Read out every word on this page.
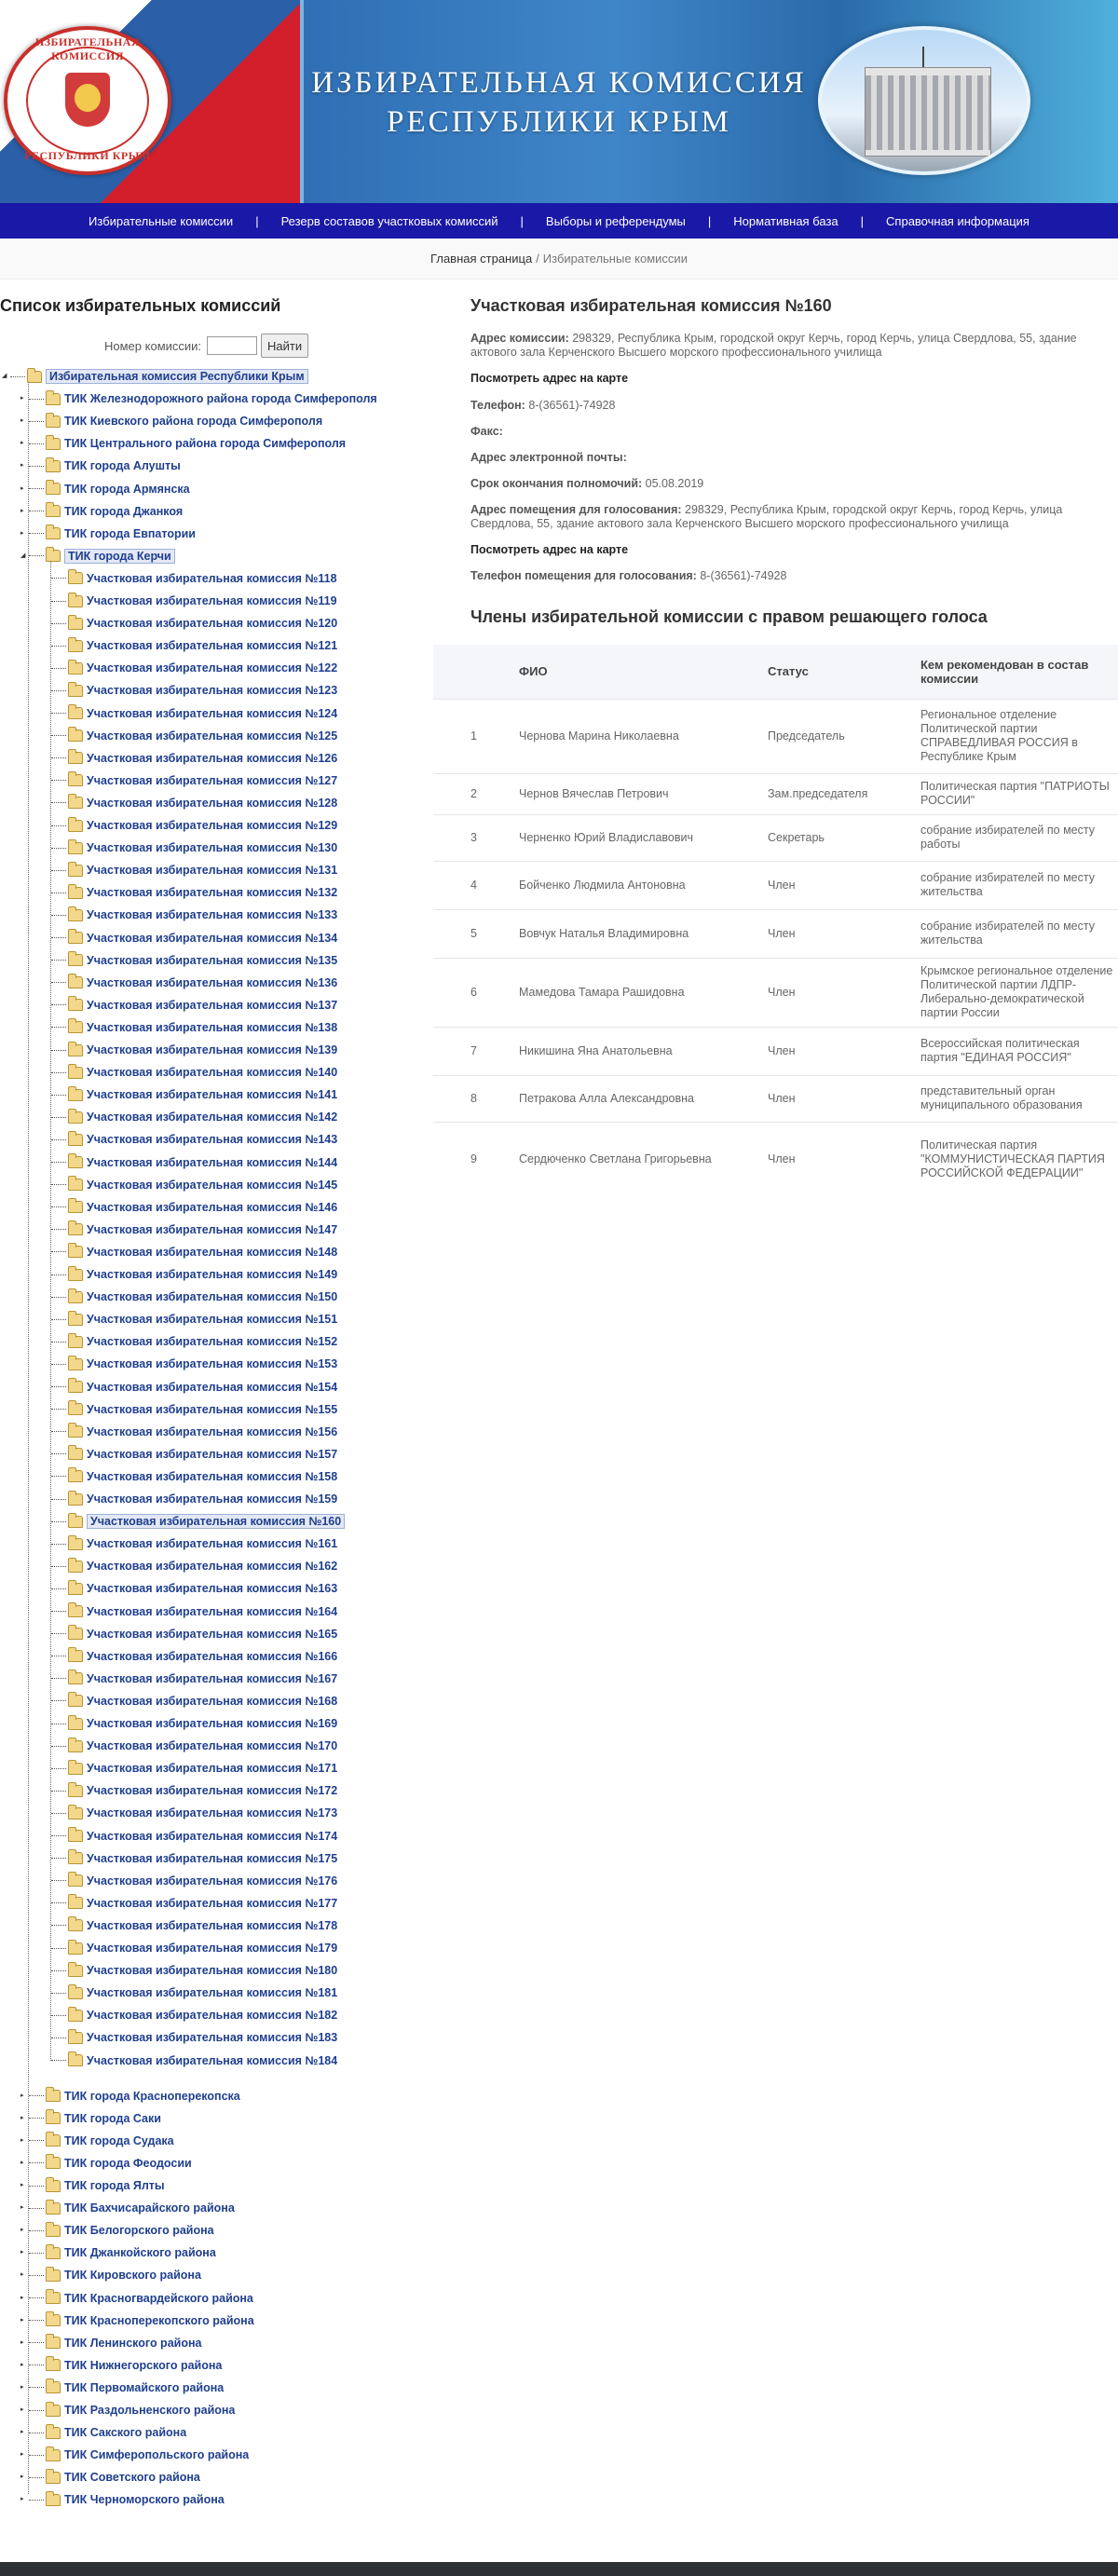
ИЗБИРАТЕЛЬНАЯ КОМИССИЯ
РЕСПУБЛИКИ КРЫМ
ИЗБИРАТЕЛЬНАЯ КОМИССИЯ
РЕСПУБЛИКИ КРЫМ
Избирательные комиссии	|	Резерв составов участковых комиссий	|	Выборы и референдумы	|	Нормативная база	|	Справочная информация
Главная страница / Избирательные комиссии
Список избирательных комиссий
Номер комиссии:	Найти
◢	Избирательная комиссия Республики Крым
▸	ТИК Железнодорожного района города Симферополя
▸	ТИК Киевского района города Симферополя
▸	ТИК Центрального района города Симферополя
▸	ТИК города Алушты
▸	ТИК города Армянска
▸	ТИК города Джанкоя
▸	ТИК города Евпатории
◢	ТИК города Керчи
Участковая избирательная комиссия №118
Участковая избирательная комиссия №119
Участковая избирательная комиссия №120
Участковая избирательная комиссия №121
Участковая избирательная комиссия №122
Участковая избирательная комиссия №123
Участковая избирательная комиссия №124
Участковая избирательная комиссия №125
Участковая избирательная комиссия №126
Участковая избирательная комиссия №127
Участковая избирательная комиссия №128
Участковая избирательная комиссия №129
Участковая избирательная комиссия №130
Участковая избирательная комиссия №131
Участковая избирательная комиссия №132
Участковая избирательная комиссия №133
Участковая избирательная комиссия №134
Участковая избирательная комиссия №135
Участковая избирательная комиссия №136
Участковая избирательная комиссия №137
Участковая избирательная комиссия №138
Участковая избирательная комиссия №139
Участковая избирательная комиссия №140
Участковая избирательная комиссия №141
Участковая избирательная комиссия №142
Участковая избирательная комиссия №143
Участковая избирательная комиссия №144
Участковая избирательная комиссия №145
Участковая избирательная комиссия №146
Участковая избирательная комиссия №147
Участковая избирательная комиссия №148
Участковая избирательная комиссия №149
Участковая избирательная комиссия №150
Участковая избирательная комиссия №151
Участковая избирательная комиссия №152
Участковая избирательная комиссия №153
Участковая избирательная комиссия №154
Участковая избирательная комиссия №155
Участковая избирательная комиссия №156
Участковая избирательная комиссия №157
Участковая избирательная комиссия №158
Участковая избирательная комиссия №159
Участковая избирательная комиссия №160
Участковая избирательная комиссия №161
Участковая избирательная комиссия №162
Участковая избирательная комиссия №163
Участковая избирательная комиссия №164
Участковая избирательная комиссия №165
Участковая избирательная комиссия №166
Участковая избирательная комиссия №167
Участковая избирательная комиссия №168
Участковая избирательная комиссия №169
Участковая избирательная комиссия №170
Участковая избирательная комиссия №171
Участковая избирательная комиссия №172
Участковая избирательная комиссия №173
Участковая избирательная комиссия №174
Участковая избирательная комиссия №175
Участковая избирательная комиссия №176
Участковая избирательная комиссия №177
Участковая избирательная комиссия №178
Участковая избирательная комиссия №179
Участковая избирательная комиссия №180
Участковая избирательная комиссия №181
Участковая избирательная комиссия №182
Участковая избирательная комиссия №183
Участковая избирательная комиссия №184
▸	ТИК города Красноперекопска
▸	ТИК города Саки
▸	ТИК города Судака
▸	ТИК города Феодосии
▸	ТИК города Ялты
▸	ТИК Бахчисарайского района
▸	ТИК Белогорского района
▸	ТИК Джанкойского района
▸	ТИК Кировского района
▸	ТИК Красногвардейского района
▸	ТИК Красноперекопского района
▸	ТИК Ленинского района
▸	ТИК Нижнегорского района
▸	ТИК Первомайского района
▸	ТИК Раздольненского района
▸	ТИК Сакского района
▸	ТИК Симферопольского района
▸	ТИК Советского района
▸	ТИК Черноморского района
Участковая избирательная комиссия №160
Адрес комиссии: 298329, Республика Крым, городской округ Керчь, город Керчь, улица Свердлова, 55, здание актового зала Керченского Высшего морского профессионального училища
Посмотреть адрес на карте
Телефон: 8-(36561)-74928
Факс:
Адрес электронной почты:
Срок окончания полномочий: 05.08.2019
Адрес помещения для голосования: 298329, Республика Крым, городской округ Керчь, город Керчь, улица Свердлова, 55, здание актового зала Керченского Высшего морского профессионального училища
Посмотреть адрес на карте
Телефон помещения для голосования: 8-(36561)-74928
Члены избирательной комиссии с правом решающего голоса
	ФИО	Статус	Кем рекомендован в состав комиссии
1	Чернова Марина Николаевна	Председатель	Региональное отделение Политической партии СПРАВЕДЛИВАЯ РОССИЯ в Республике Крым
2	Чернов Вячеслав Петрович	Зам.председателя	Политическая партия "ПАТРИОТЫ РОССИИ"
3	Черненко Юрий Владиславович	Секретарь	собрание избирателей по месту работы
4	Бойченко Людмила Антоновна	Член	собрание избирателей по месту жительства
5	Вовчук Наталья Владимировна	Член	собрание избирателей по месту жительства
6	Мамедова Тамара Рашидовна	Член	Крымское региональное отделение Политической партии ЛДПР-Либерально-демократической партии России
7	Никишина Яна Анатольевна	Член	Всероссийская политическая партия "ЕДИНАЯ РОССИЯ"
8	Петракова Алла Александровна	Член	представительный орган муниципального образования
9	Сердюченко Светлана Григорьевна	Член	Политическая партия "КОММУНИСТИЧЕСКАЯ ПАРТИЯ РОССИЙСКОЙ ФЕДЕРАЦИИ"
